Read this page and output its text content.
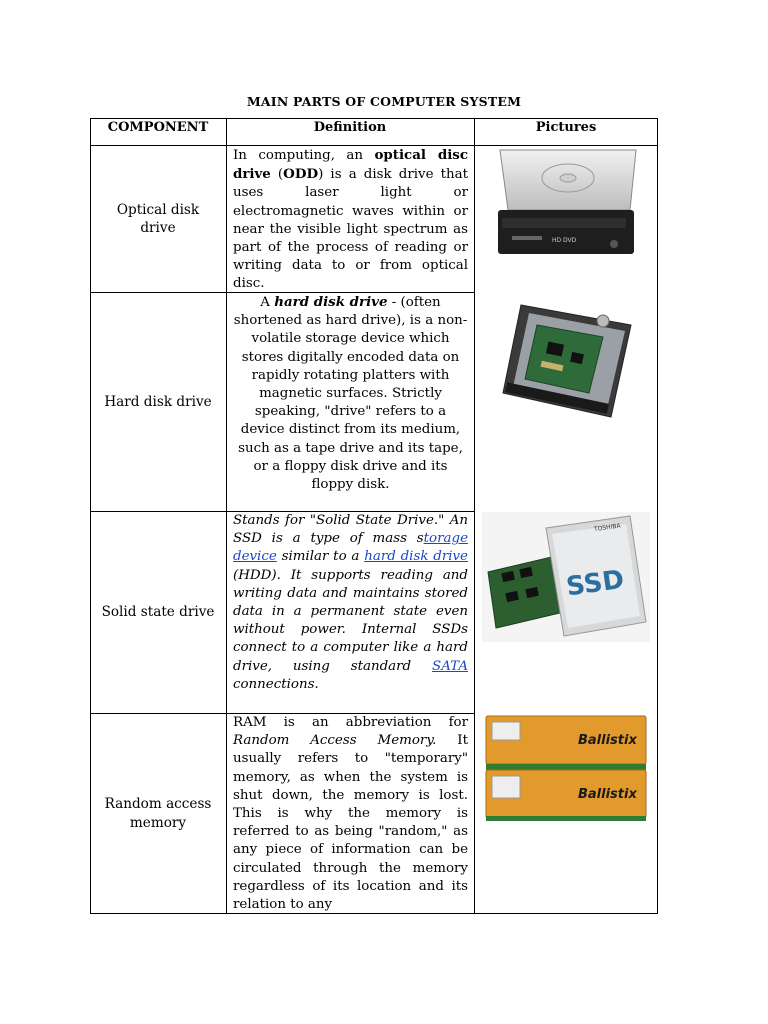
MAIN PARTS OF COMPUTER SYSTEM
COMPONENT	Definition	Pictures
Optical disk drive

In computing, an optical disc drive (ODD) is a disk drive that uses laser light or electromagnetic waves within or near the visible light spectrum as part of the process of reading or writing data to or from optical disc.

HD DVD
Hard disk drive

A hard disk drive - (often shortened as hard drive), is a non-volatile storage device which stores digitally encoded data on rapidly rotating platters with magnetic surfaces. Strictly speaking, "drive" refers to a device distinct from its medium, such as a tape drive and its tape, or a floppy disk drive and its floppy disk.

Solid state drive

Stands for "Solid State Drive." An SSD is a type of mass storage device similar to a hard disk drive (HDD). It supports reading and writing data and maintains stored data in a permanent state even without power. Internal SSDs connect to a computer like a hard drive, using standard SATA connections.

SSD
TOSHIBA
Random access memory

RAM is an abbreviation for Random Access Memory. It usually refers to "temporary" memory, as when the system is shut down, the memory is lost. This is why the memory is referred to as being "random," as any piece of information can be circulated through the memory regardless of its location and its relation to any

Ballistix
Ballistix
